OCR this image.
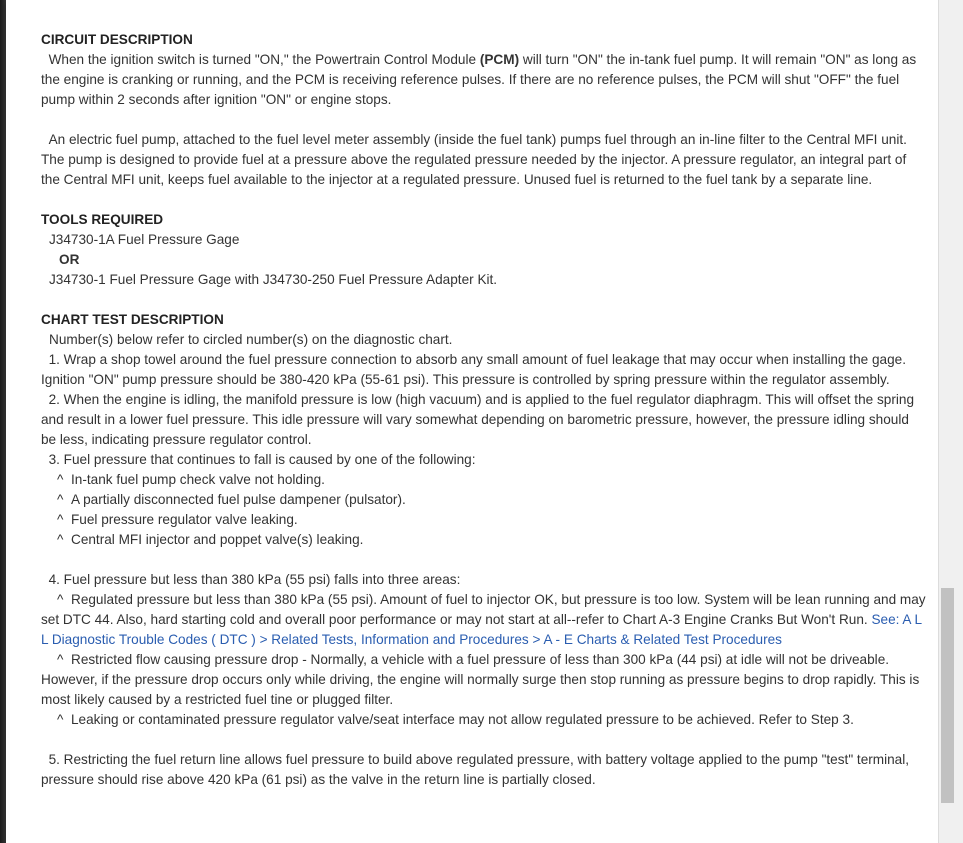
CIRCUIT DESCRIPTION

When the ignition switch is turned "ON," the Powertrain Control Module (PCM) will turn "ON" the in-tank fuel pump. It will remain "ON" as long as the engine is cranking or running, and the PCM is receiving reference pulses. If there are no reference pulses, the PCM will shut "OFF" the fuel pump within 2 seconds after ignition "ON" or engine stops.

An electric fuel pump, attached to the fuel level meter assembly (inside the fuel tank) pumps fuel through an in-line filter to the Central MFI unit. The pump is designed to provide fuel at a pressure above the regulated pressure needed by the injector. A pressure regulator, an integral part of the Central MFI unit, keeps fuel available to the injector at a regulated pressure. Unused fuel is returned to the fuel tank by a separate line.

TOOLS REQUIRED

J34730-1A Fuel Pressure Gage

OR

J34730-1 Fuel Pressure Gage with J34730-250 Fuel Pressure Adapter Kit.

CHART TEST DESCRIPTION

Number(s) below refer to circled number(s) on the diagnostic chart.

1. Wrap a shop towel around the fuel pressure connection to absorb any small amount of fuel leakage that may occur when installing the gage. Ignition "ON" pump pressure should be 380-420 kPa (55-61 psi). This pressure is controlled by spring pressure within the regulator assembly.

2. When the engine is idling, the manifold pressure is low (high vacuum) and is applied to the fuel regulator diaphragm. This will offset the spring and result in a lower fuel pressure. This idle pressure will vary somewhat depending on barometric pressure, however, the pressure idling should be less, indicating pressure regulator control.

3. Fuel pressure that continues to fall is caused by one of the following:

^ In-tank fuel pump check valve not holding.

^ A partially disconnected fuel pulse dampener (pulsator).

^ Fuel pressure regulator valve leaking.

^ Central MFI injector and poppet valve(s) leaking.

4. Fuel pressure but less than 380 kPa (55 psi) falls into three areas:

^ Regulated pressure but less than 380 kPa (55 psi). Amount of fuel to injector OK, but pressure is too low. System will be lean running and may set DTC 44. Also, hard starting cold and overall poor performance or may not start at all--refer to Chart A-3 Engine Cranks But Won't Run. See: A L L Diagnostic Trouble Codes ( DTC ) > Related Tests, Information and Procedures > A - E Charts & Related Test Procedures

^ Restricted flow causing pressure drop - Normally, a vehicle with a fuel pressure of less than 300 kPa (44 psi) at idle will not be driveable. However, if the pressure drop occurs only while driving, the engine will normally surge then stop running as pressure begins to drop rapidly. This is most likely caused by a restricted fuel tine or plugged filter.

^ Leaking or contaminated pressure regulator valve/seat interface may not allow regulated pressure to be achieved. Refer to Step 3.

5. Restricting the fuel return line allows fuel pressure to build above regulated pressure, with battery voltage applied to the pump "test" terminal, pressure should rise above 420 kPa (61 psi) as the valve in the return line is partially closed.
